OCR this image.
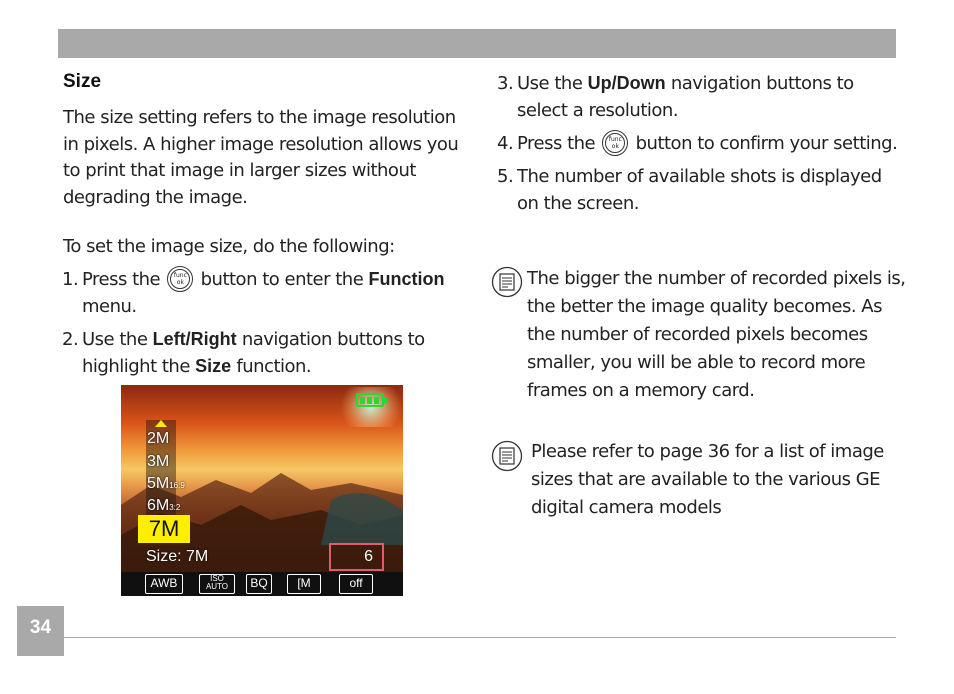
Size
The size setting refers to the image resolution in pixels. A higher image resolution allows you to print that image in larger sizes without degrading the image.
To set the image size, do the following:
1. Press the	func
ok button to enter the Function menu.
2. Use the Left/Right navigation buttons to highlight the Size function.
2M
3M
5M16:9
6M3:2
7M
Size: 7M	6
AWB	ISO AUTO	BQ	[M	off
3. Use the Up/Down navigation buttons to select a resolution.
4. Press the	func
ok button to confirm your setting.
5. The number of available shots is displayed on the screen.
The bigger the number of recorded pixels is, the better the image quality becomes. As the number of recorded pixels becomes smaller, you will be able to record more frames on a memory card.
Please refer to page 36 for a list of image sizes that are available to the various GE digital camera models
34
